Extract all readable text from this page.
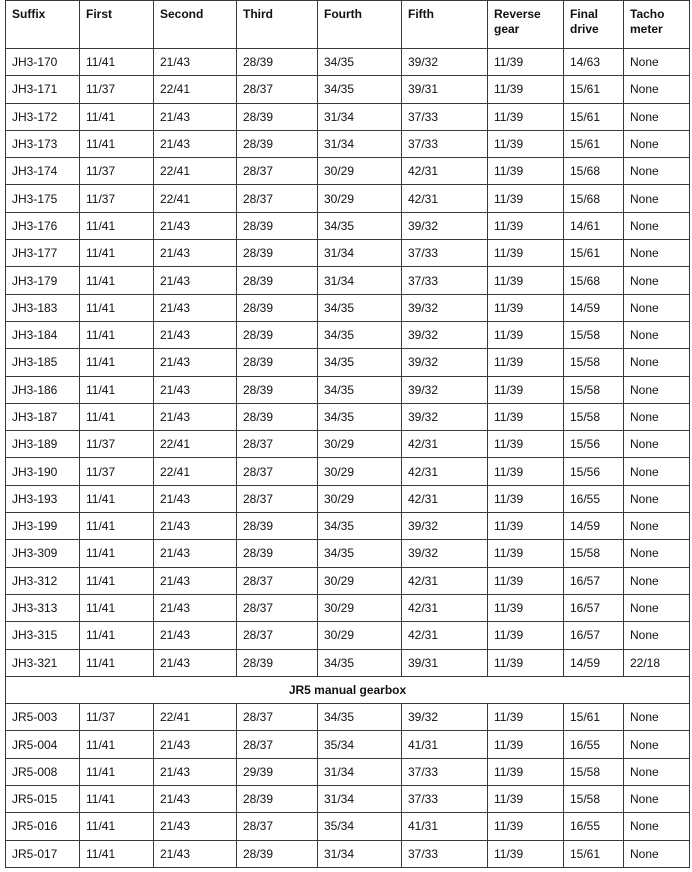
Suffix	First	Second	Third	Fourth	Fifth	Reverse gear	Final drive	Tacho meter
JH3-170	11/41	21/43	28/39	34/35	39/32	11/39	14/63	None
JH3-171	11/37	22/41	28/37	34/35	39/31	11/39	15/61	None
JH3-172	11/41	21/43	28/39	31/34	37/33	11/39	15/61	None
JH3-173	11/41	21/43	28/39	31/34	37/33	11/39	15/61	None
JH3-174	11/37	22/41	28/37	30/29	42/31	11/39	15/68	None
JH3-175	11/37	22/41	28/37	30/29	42/31	11/39	15/68	None
JH3-176	11/41	21/43	28/39	34/35	39/32	11/39	14/61	None
JH3-177	11/41	21/43	28/39	31/34	37/33	11/39	15/61	None
JH3-179	11/41	21/43	28/39	31/34	37/33	11/39	15/68	None
JH3-183	11/41	21/43	28/39	34/35	39/32	11/39	14/59	None
JH3-184	11/41	21/43	28/39	34/35	39/32	11/39	15/58	None
JH3-185	11/41	21/43	28/39	34/35	39/32	11/39	15/58	None
JH3-186	11/41	21/43	28/39	34/35	39/32	11/39	15/58	None
JH3-187	11/41	21/43	28/39	34/35	39/32	11/39	15/58	None
JH3-189	11/37	22/41	28/37	30/29	42/31	11/39	15/56	None
JH3-190	11/37	22/41	28/37	30/29	42/31	11/39	15/56	None
JH3-193	11/41	21/43	28/37	30/29	42/31	11/39	16/55	None
JH3-199	11/41	21/43	28/39	34/35	39/32	11/39	14/59	None
JH3-309	11/41	21/43	28/39	34/35	39/32	11/39	15/58	None
JH3-312	11/41	21/43	28/37	30/29	42/31	11/39	16/57	None
JH3-313	11/41	21/43	28/37	30/29	42/31	11/39	16/57	None
JH3-315	11/41	21/43	28/37	30/29	42/31	11/39	16/57	None
JH3-321	11/41	21/43	28/39	34/35	39/31	11/39	14/59	22/18
JR5 manual gearbox								
JR5-003	11/37	22/41	28/37	34/35	39/32	11/39	15/61	None
JR5-004	11/41	21/43	28/37	35/34	41/31	11/39	16/55	None
JR5-008	11/41	21/43	29/39	31/34	37/33	11/39	15/58	None
JR5-015	11/41	21/43	28/39	31/34	37/33	11/39	15/58	None
JR5-016	11/41	21/43	28/37	35/34	41/31	11/39	16/55	None
JR5-017	11/41	21/43	28/39	31/34	37/33	11/39	15/61	None
